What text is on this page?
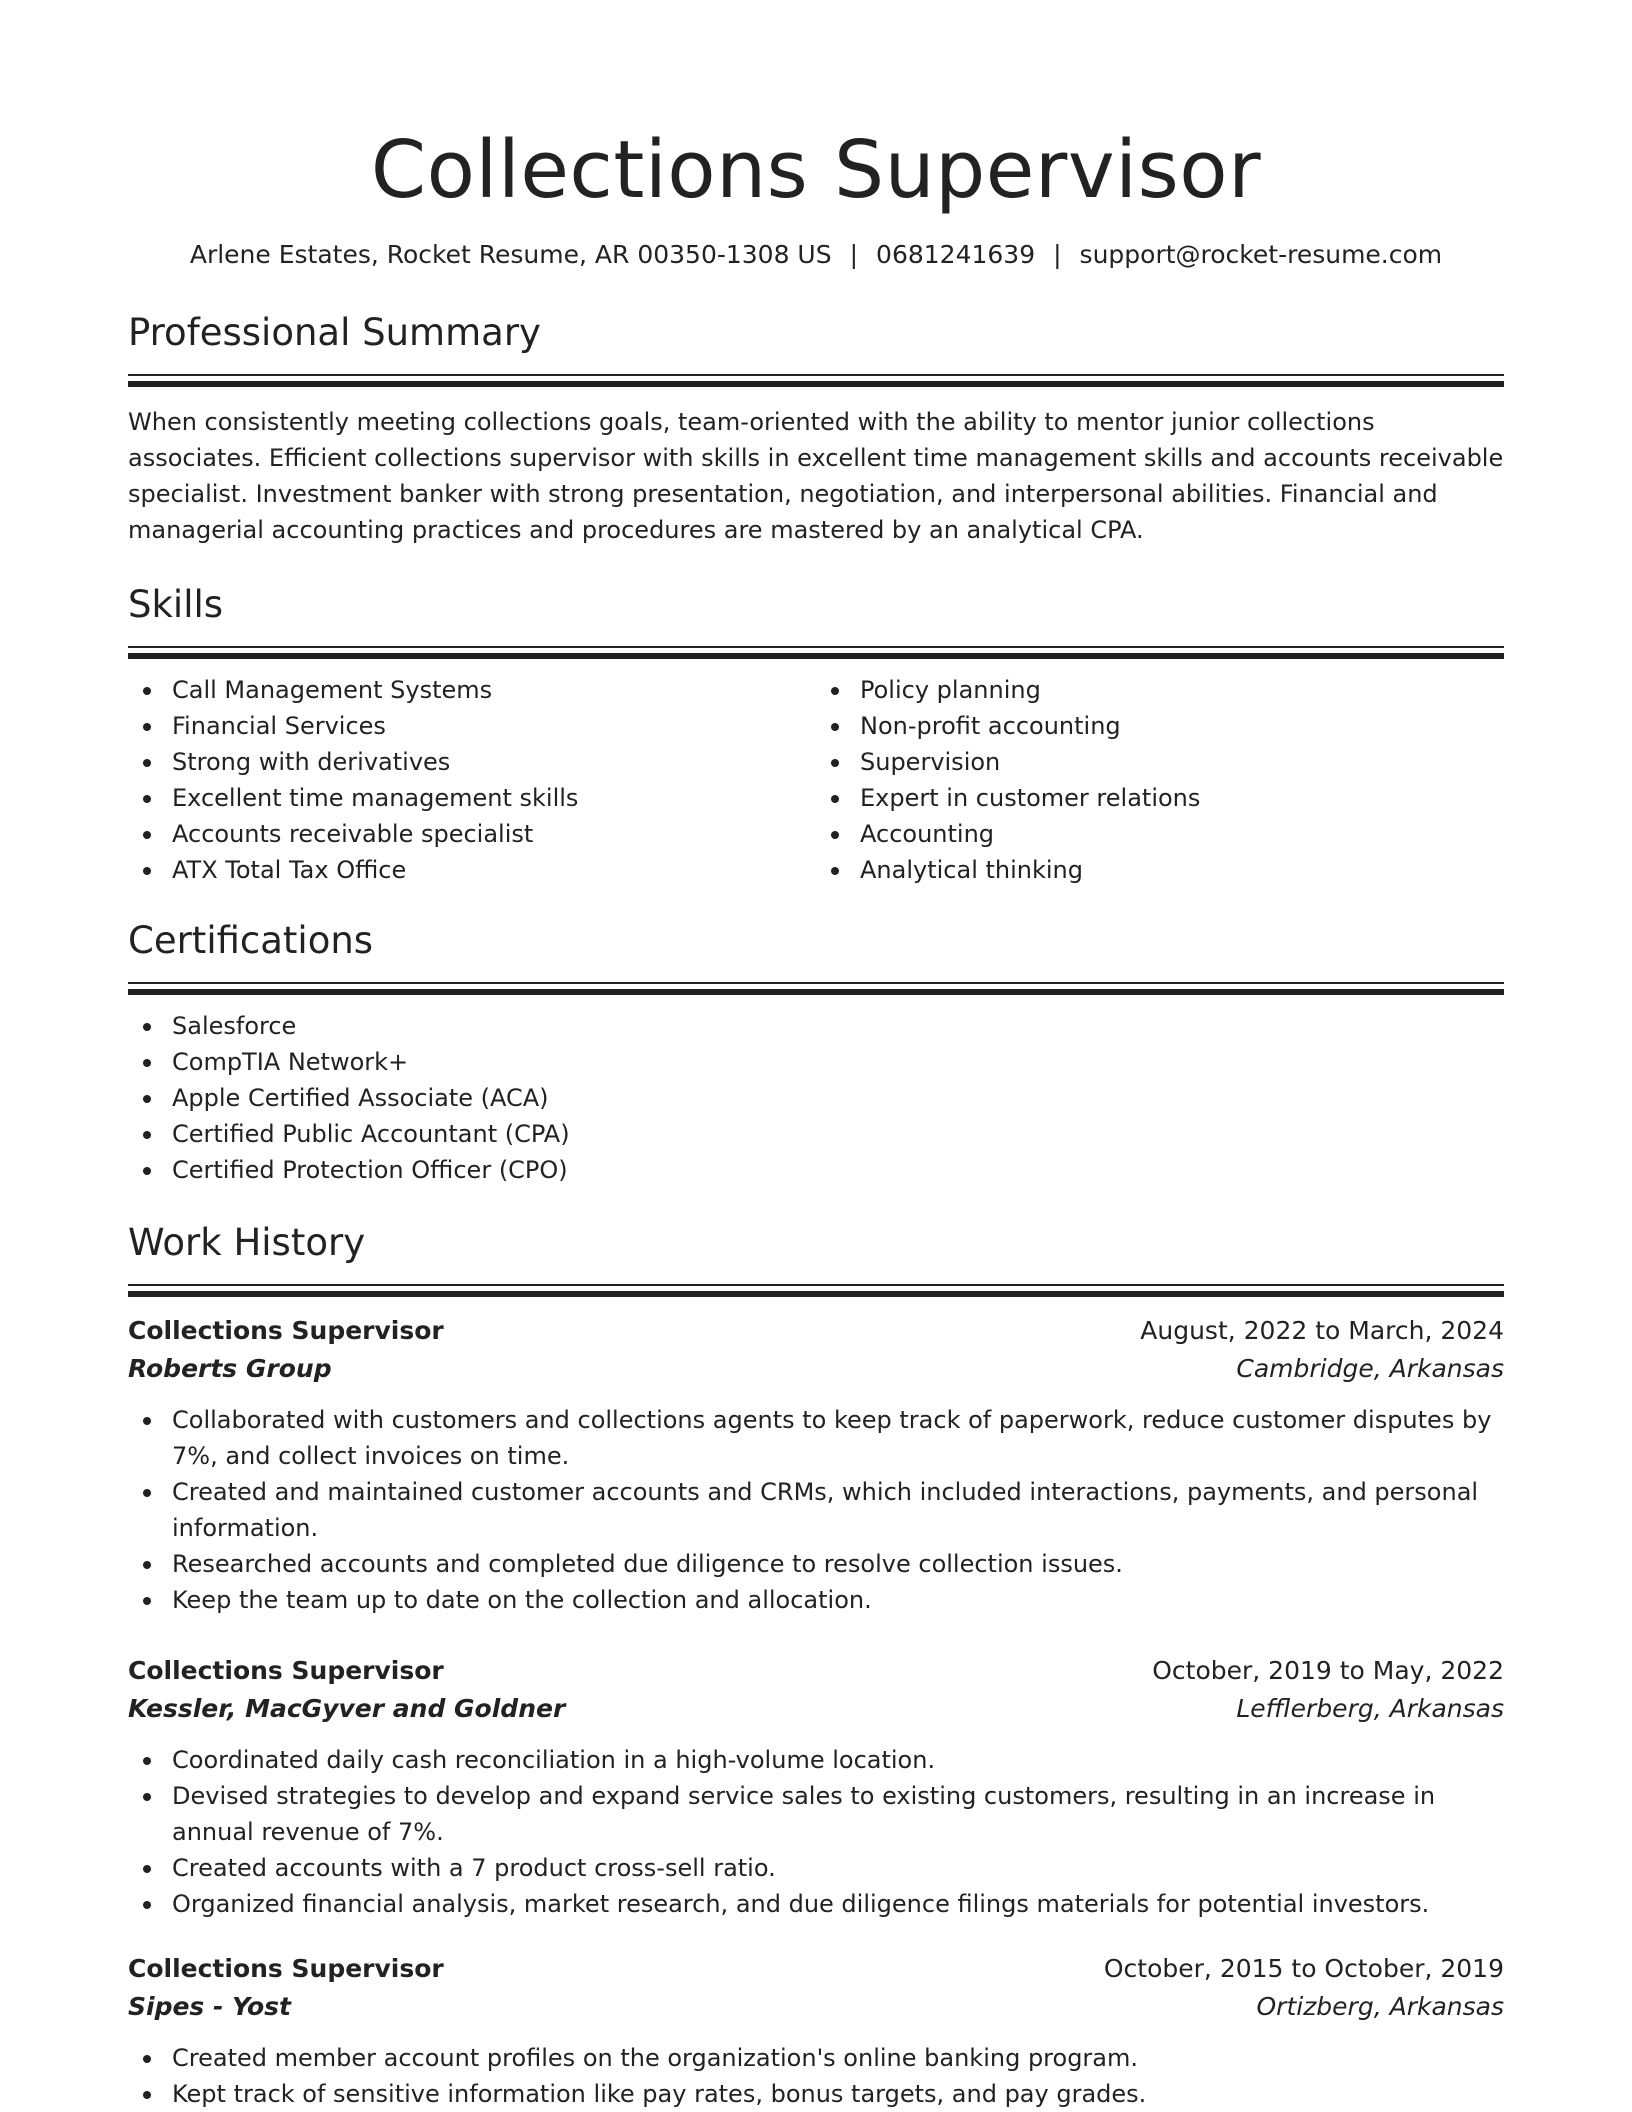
Collections Supervisor
Arlene Estates, Rocket Resume, AR 00350-1308 US | 0681241639 | support@rocket-resume.com
Professional Summary

When consistently meeting collections goals, team-oriented with the ability to mentor junior collections associates. Efficient collections supervisor with skills in excellent time management skills and accounts receivable specialist. Investment banker with strong presentation, negotiation, and interpersonal abilities. Financial and managerial accounting practices and procedures are mastered by an analytical CPA.

Skills
Call Management Systems
Financial Services
Strong with derivatives
Excellent time management skills
Accounts receivable specialist
ATX Total Tax Office
Policy planning
Non-profit accounting
Supervision
Expert in customer relations
Accounting
Analytical thinking
Certifications
Salesforce
CompTIA Network+
Apple Certified Associate (ACA)
Certified Public Accountant (CPA)
Certified Protection Officer (CPO)
Work History
Collections Supervisor	August, 2022 to March, 2024
Roberts Group	Cambridge, Arkansas
Collaborated with customers and collections agents to keep track of paperwork, reduce customer disputes by 7%, and collect invoices on time.
Created and maintained customer accounts and CRMs, which included interactions, payments, and personal information.
Researched accounts and completed due diligence to resolve collection issues.
Keep the team up to date on the collection and allocation.
Collections Supervisor	October, 2019 to May, 2022
Kessler, MacGyver and Goldner	Lefflerberg, Arkansas
Coordinated daily cash reconciliation in a high-volume location.
Devised strategies to develop and expand service sales to existing customers, resulting in an increase in annual revenue of 7%.
Created accounts with a 7 product cross-sell ratio.
Organized financial analysis, market research, and due diligence filings materials for potential investors.
Collections Supervisor	October, 2015 to October, 2019
Sipes - Yost	Ortizberg, Arkansas
Created member account profiles on the organization's online banking program.
Kept track of sensitive information like pay rates, bonus targets, and pay grades.
